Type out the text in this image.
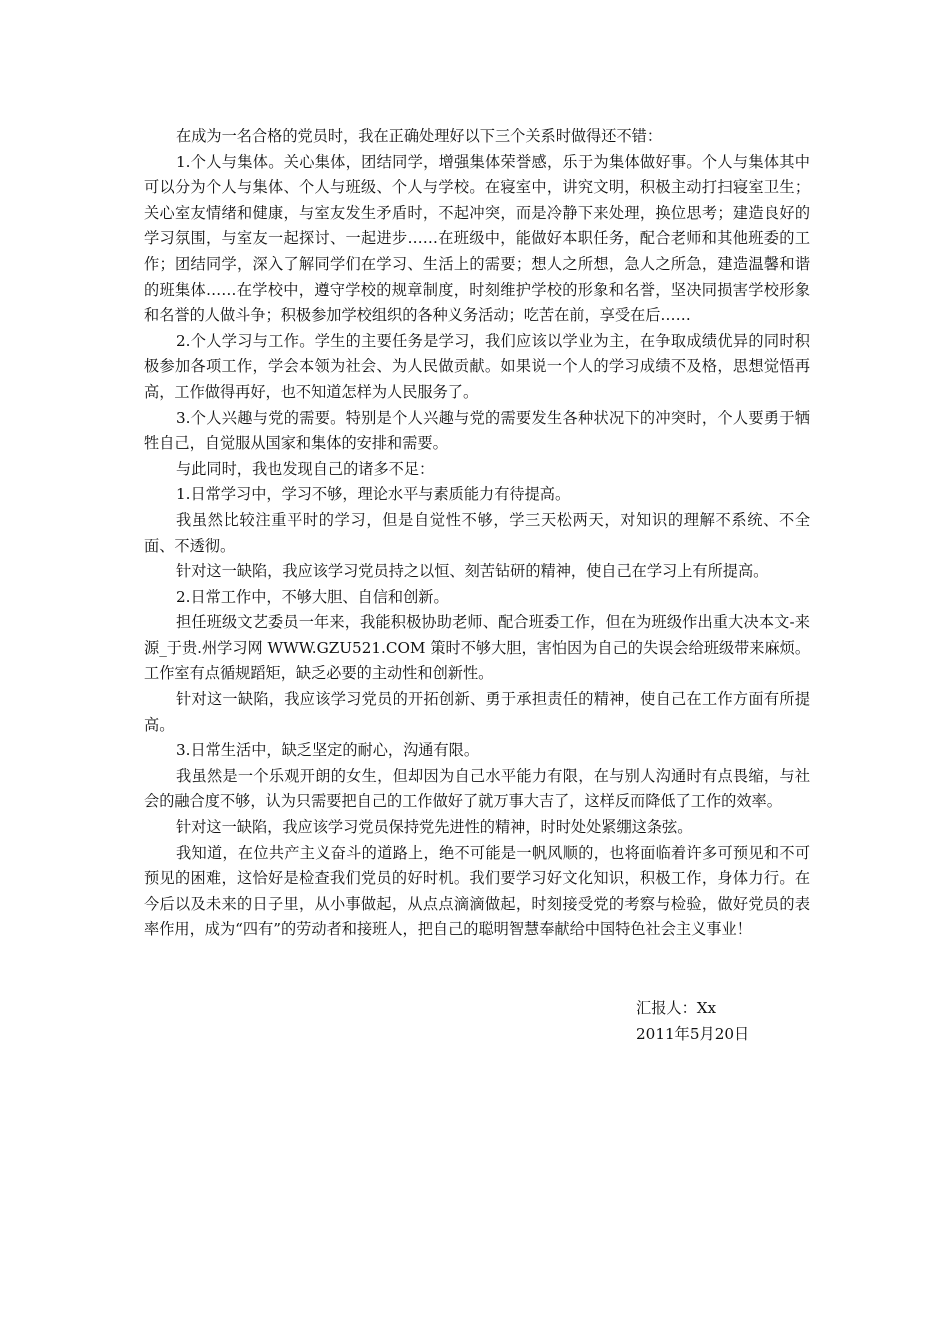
在成为一名合格的党员时，我在正确处理好以下三个关系时做得还不错：

1.个人与集体。关心集体，团结同学，增强集体荣誉感，乐于为集体做好事。个人与集体其中可以分为个人与集体、个人与班级、个人与学校。在寝室中，讲究文明，积极主动打扫寝室卫生；关心室友情绪和健康，与室友发生矛盾时，不起冲突，而是冷静下来处理，换位思考；建造良好的学习氛围，与室友一起探讨、一起进步……在班级中，能做好本职任务，配合老师和其他班委的工作；团结同学，深入了解同学们在学习、生活上的需要；想人之所想，急人之所急，建造温馨和谐的班集体……在学校中，遵守学校的规章制度，时刻维护学校的形象和名誉，坚决同损害学校形象和名誉的人做斗争；积极参加学校组织的各种义务活动；吃苦在前，享受在后……

2.个人学习与工作。学生的主要任务是学习，我们应该以学业为主，在争取成绩优异的同时积极参加各项工作，学会本领为社会、为人民做贡献。如果说一个人的学习成绩不及格，思想觉悟再高，工作做得再好，也不知道怎样为人民服务了。

3.个人兴趣与党的需要。特别是个人兴趣与党的需要发生各种状况下的冲突时，个人要勇于牺牲自己，自觉服从国家和集体的安排和需要。

与此同时，我也发现自己的诸多不足：

1.日常学习中，学习不够，理论水平与素质能力有待提高。

我虽然比较注重平时的学习，但是自觉性不够，学三天松两天，对知识的理解不系统、不全面、不透彻。

针对这一缺陷，我应该学习党员持之以恒、刻苦钻研的精神，使自己在学习上有所提高。

2.日常工作中，不够大胆、自信和创新。

担任班级文艺委员一年来，我能积极协助老师、配合班委工作，但在为班级作出重大决本文-来源_于贵.州学习网 WWW.GZU521.COM 策时不够大胆，害怕因为自己的失误会给班级带来麻烦。工作室有点循规蹈矩，缺乏必要的主动性和创新性。

针对这一缺陷，我应该学习党员的开拓创新、勇于承担责任的精神，使自己在工作方面有所提高。

3.日常生活中，缺乏坚定的耐心，沟通有限。

我虽然是一个乐观开朗的女生，但却因为自己水平能力有限，在与别人沟通时有点畏缩，与社会的融合度不够，认为只需要把自己的工作做好了就万事大吉了，这样反而降低了工作的效率。

针对这一缺陷，我应该学习党员保持党先进性的精神，时时处处紧绷这条弦。

我知道，在位共产主义奋斗的道路上，绝不可能是一帆风顺的，也将面临着许多可预见和不可预见的困难，这恰好是检查我们党员的好时机。我们要学习好文化知识，积极工作，身体力行。在今后以及未来的日子里，从小事做起，从点点滴滴做起，时刻接受党的考察与检验，做好党员的表率作用，成为“四有”的劳动者和接班人，把自己的聪明智慧奉献给中国特色社会主义事业！

汇报人：Xx
2011年5月20日
